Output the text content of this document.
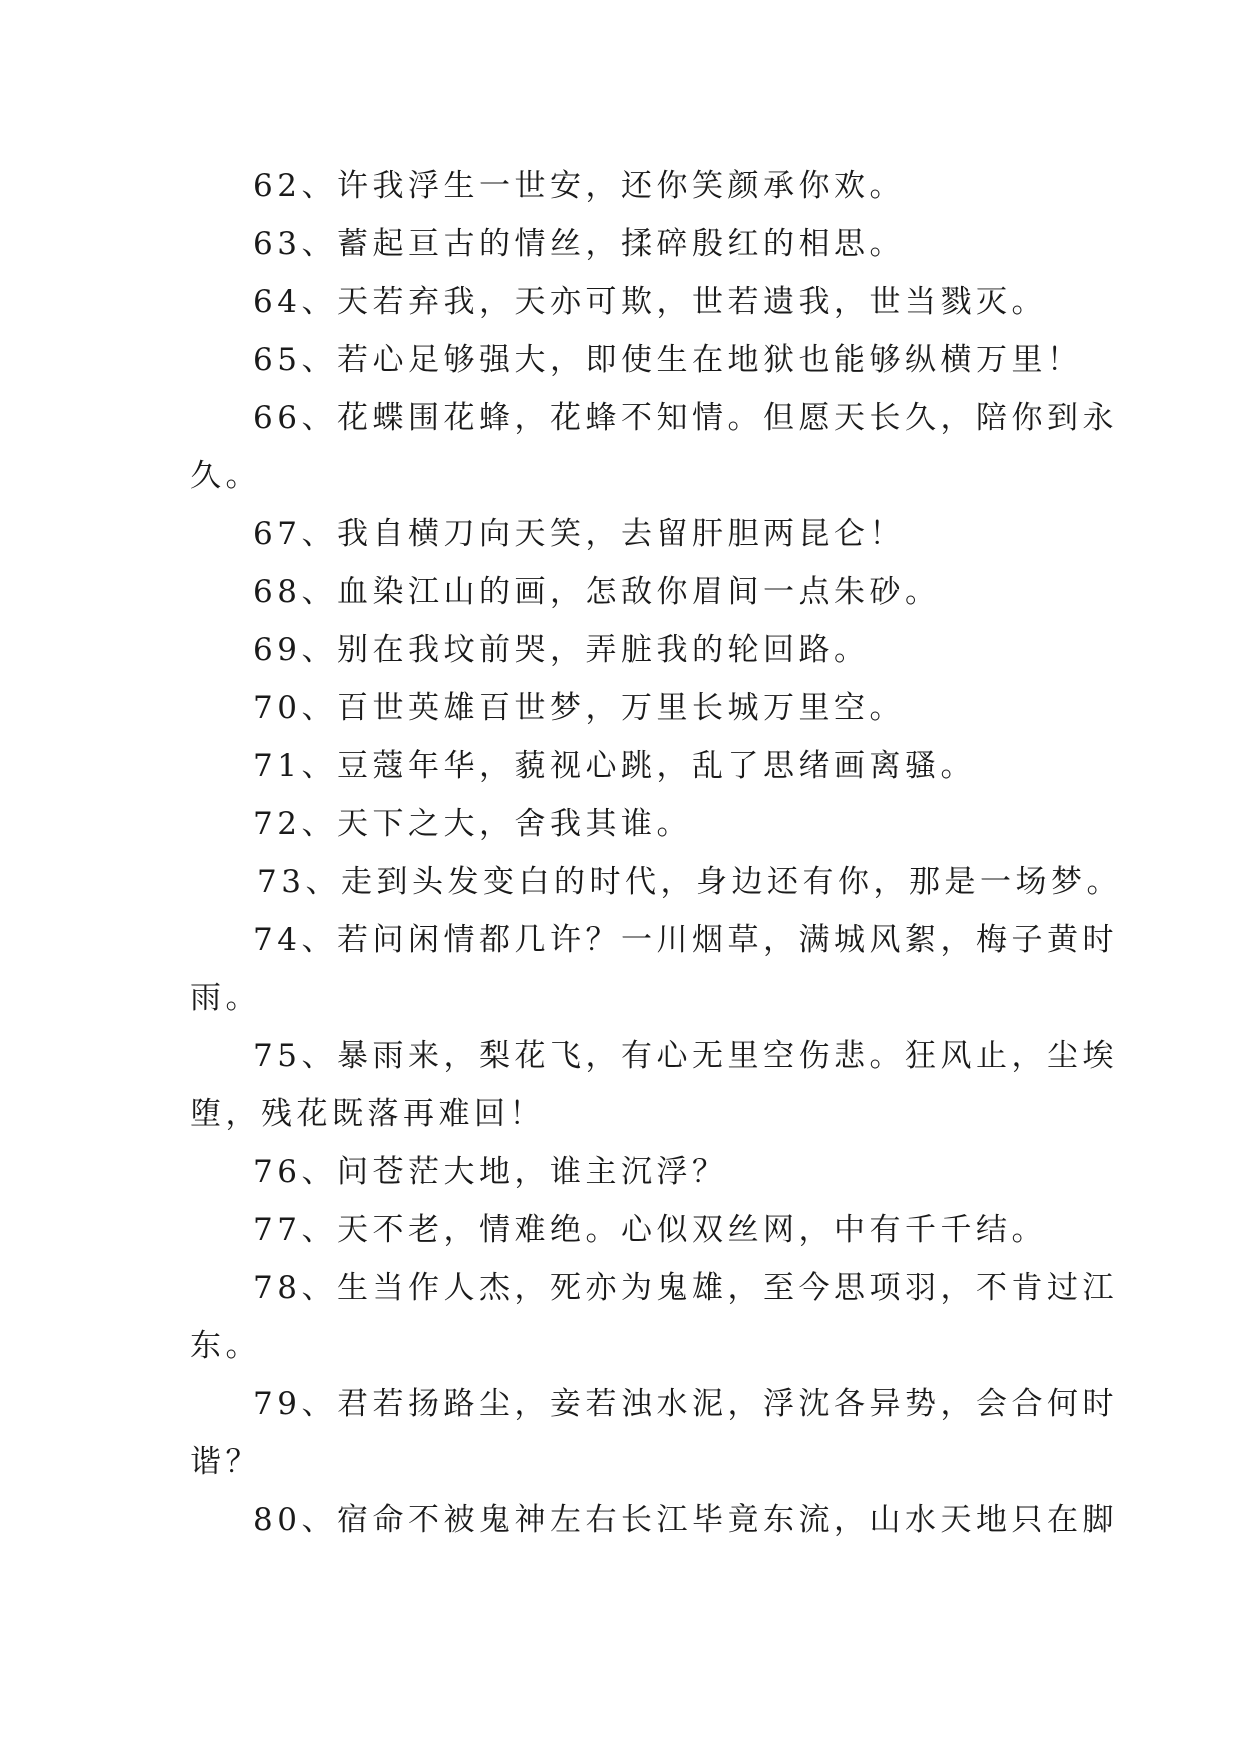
62、许我浮生一世安，还你笑颜承你欢。
63、蓄起亘古的情丝，揉碎殷红的相思。
64、天若弃我，天亦可欺，世若遗我，世当戮灭。
65、若心足够强大，即使生在地狱也能够纵横万里！
66、花蝶围花蜂，花蜂不知情。但愿天长久，陪你到永
久。
67、我自横刀向天笑，去留肝胆两昆仑！
68、血染江山的画，怎敌你眉间一点朱砂。
69、别在我坟前哭，弄脏我的轮回路。
70、百世英雄百世梦，万里长城万里空。
71、豆蔻年华，藐视心跳，乱了思绪画离骚。
72、天下之大，舍我其谁。
73、走到头发变白的时代，身边还有你，那是一场梦。
74、若问闲情都几许？一川烟草，满城风絮，梅子黄时
雨。
75、暴雨来，梨花飞，有心无里空伤悲。狂风止，尘埃
堕，残花既落再难回！
76、问苍茫大地，谁主沉浮？
77、天不老，情难绝。心似双丝网，中有千千结。
78、生当作人杰，死亦为鬼雄，至今思项羽，不肯过江
东。
79、君若扬路尘，妾若浊水泥，浮沈各异势，会合何时
谐？
80、宿命不被鬼神左右长江毕竟东流，山水天地只在脚
